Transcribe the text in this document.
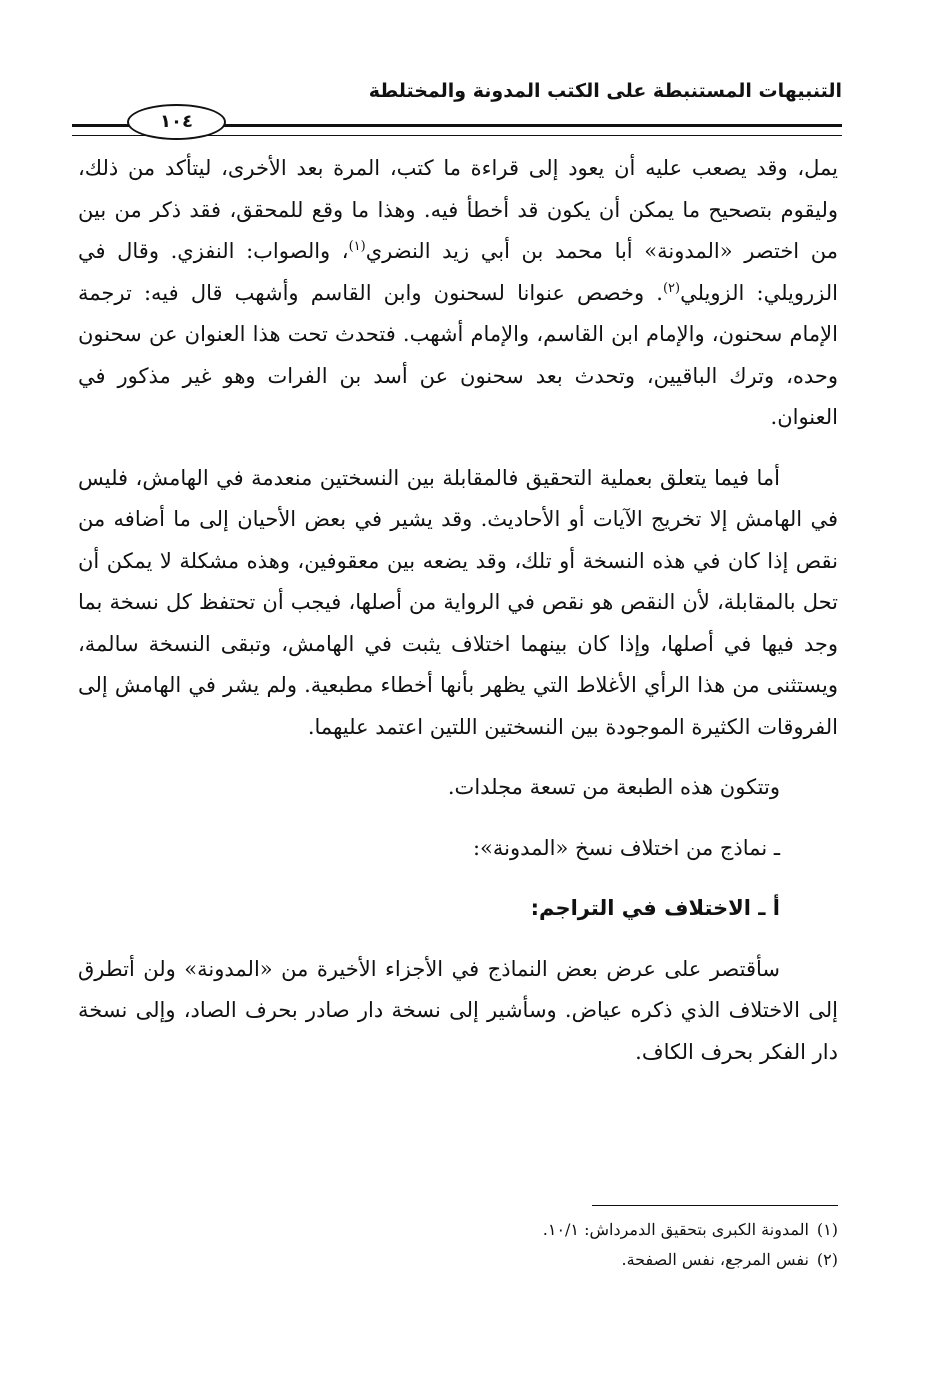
التنبيهات المستنبطة على الكتب المدونة والمختلطة
١٠٤

يمل، وقد يصعب عليه أن يعود إلى قراءة ما كتب، المرة بعد الأخرى، ليتأكد من ذلك، وليقوم بتصحيح ما يمكن أن يكون قد أخطأ فيه. وهذا ما وقع للمحقق، فقد ذكر من بين من اختصر «المدونة» أبا محمد بن أبي زيد النضري$^{(١)}$، والصواب: النفزي. وقال في الزرويلي: الزويلي$^{(٢)}$. وخصص عنوانا لسحنون وابن القاسم وأشهب قال فيه: ترجمة الإمام سحنون، والإمام ابن القاسم، والإمام أشهب. فتحدث تحت هذا العنوان عن سحنون وحده، وترك الباقيين، وتحدث بعد سحنون عن أسد بن الفرات وهو غير مذكور في العنوان.

أما فيما يتعلق بعملية التحقيق فالمقابلة بين النسختين منعدمة في الهامش، فليس في الهامش إلا تخريج الآيات أو الأحاديث. وقد يشير في بعض الأحيان إلى ما أضافه من نقص إذا كان في هذه النسخة أو تلك، وقد يضعه بين معقوفين، وهذه مشكلة لا يمكن أن تحل بالمقابلة، لأن النقص هو نقص في الرواية من أصلها، فيجب أن تحتفظ كل نسخة بما وجد فيها في أصلها، وإذا كان بينهما اختلاف يثبت في الهامش، وتبقى النسخة سالمة، ويستثنى من هذا الرأي الأغلاط التي يظهر بأنها أخطاء مطبعية. ولم يشر في الهامش إلى الفروقات الكثيرة الموجودة بين النسختين اللتين اعتمد عليهما.

وتتكون هذه الطبعة من تسعة مجلدات.

ـ نماذج من اختلاف نسخ «المدونة»:

أ ـ الاختلاف في التراجم:

سأقتصر على عرض بعض النماذج في الأجزاء الأخيرة من «المدونة» ولن أتطرق إلى الاختلاف الذي ذكره عياض. وسأشير إلى نسخة دار صادر بحرف الصاد، وإلى نسخة دار الفكر بحرف الكاف.

(١)المدونة الكبرى بتحقيق الدمرداش: ١٠/١.

(٢)نفس المرجع، نفس الصفحة.
